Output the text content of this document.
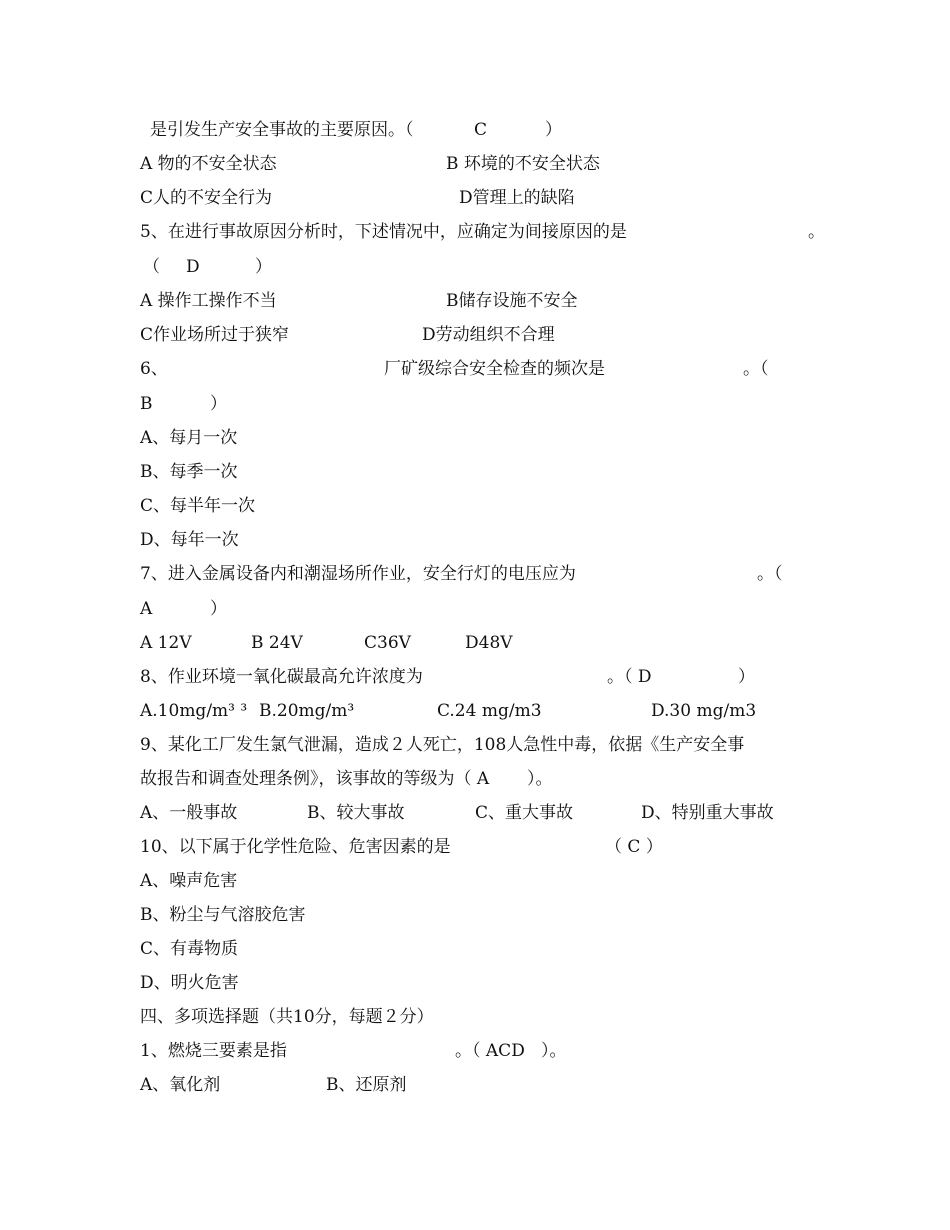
是引发生产安全事故的主要原因。（	C	）
A 物的不安全状态	B 环境的不安全状态
C人的不安全行为	D管理上的缺陷
5、在进行事故原因分析时，下述情况中，应确定为间接原因的是	。
（ D	）
A 操作工操作不当	B储存设施不安全
C作业场所过于狭窄	D劳动组织不合理
6、	厂矿级综合安全检查的频次是	。（
B	）
A、每月一次
B、每季一次
C、每半年一次
D、每年一次
7、进入金属设备内和潮湿场所作业，安全行灯的电压应为	。（
A	）
A 12V	B 24V	C36V	D48V
8、作业环境一氧化碳最高允许浓度为	。（ D	）
A.10mg/m³ ³ B.20mg/m³	C.24 mg/m3	D.30 mg/m3
9、某化工厂发生氯气泄漏，造成２人死亡，108人急性中毒，依据《生产安全事
故报告和调查处理条例》，该事故的等级为（ A       ）。
A、一般事故	B、较大事故	C、重大事故	D、特别重大事故
10、以下属于化学性危险、危害因素的是	（ C ）
A、噪声危害
B、粉尘与气溶胶危害
C、有毒物质
D、明火危害
四、多项选择题（共10分，每题２分）
1、燃烧三要素是指	。（ ACD   ）。
A、氧化剂	B、还原剂
